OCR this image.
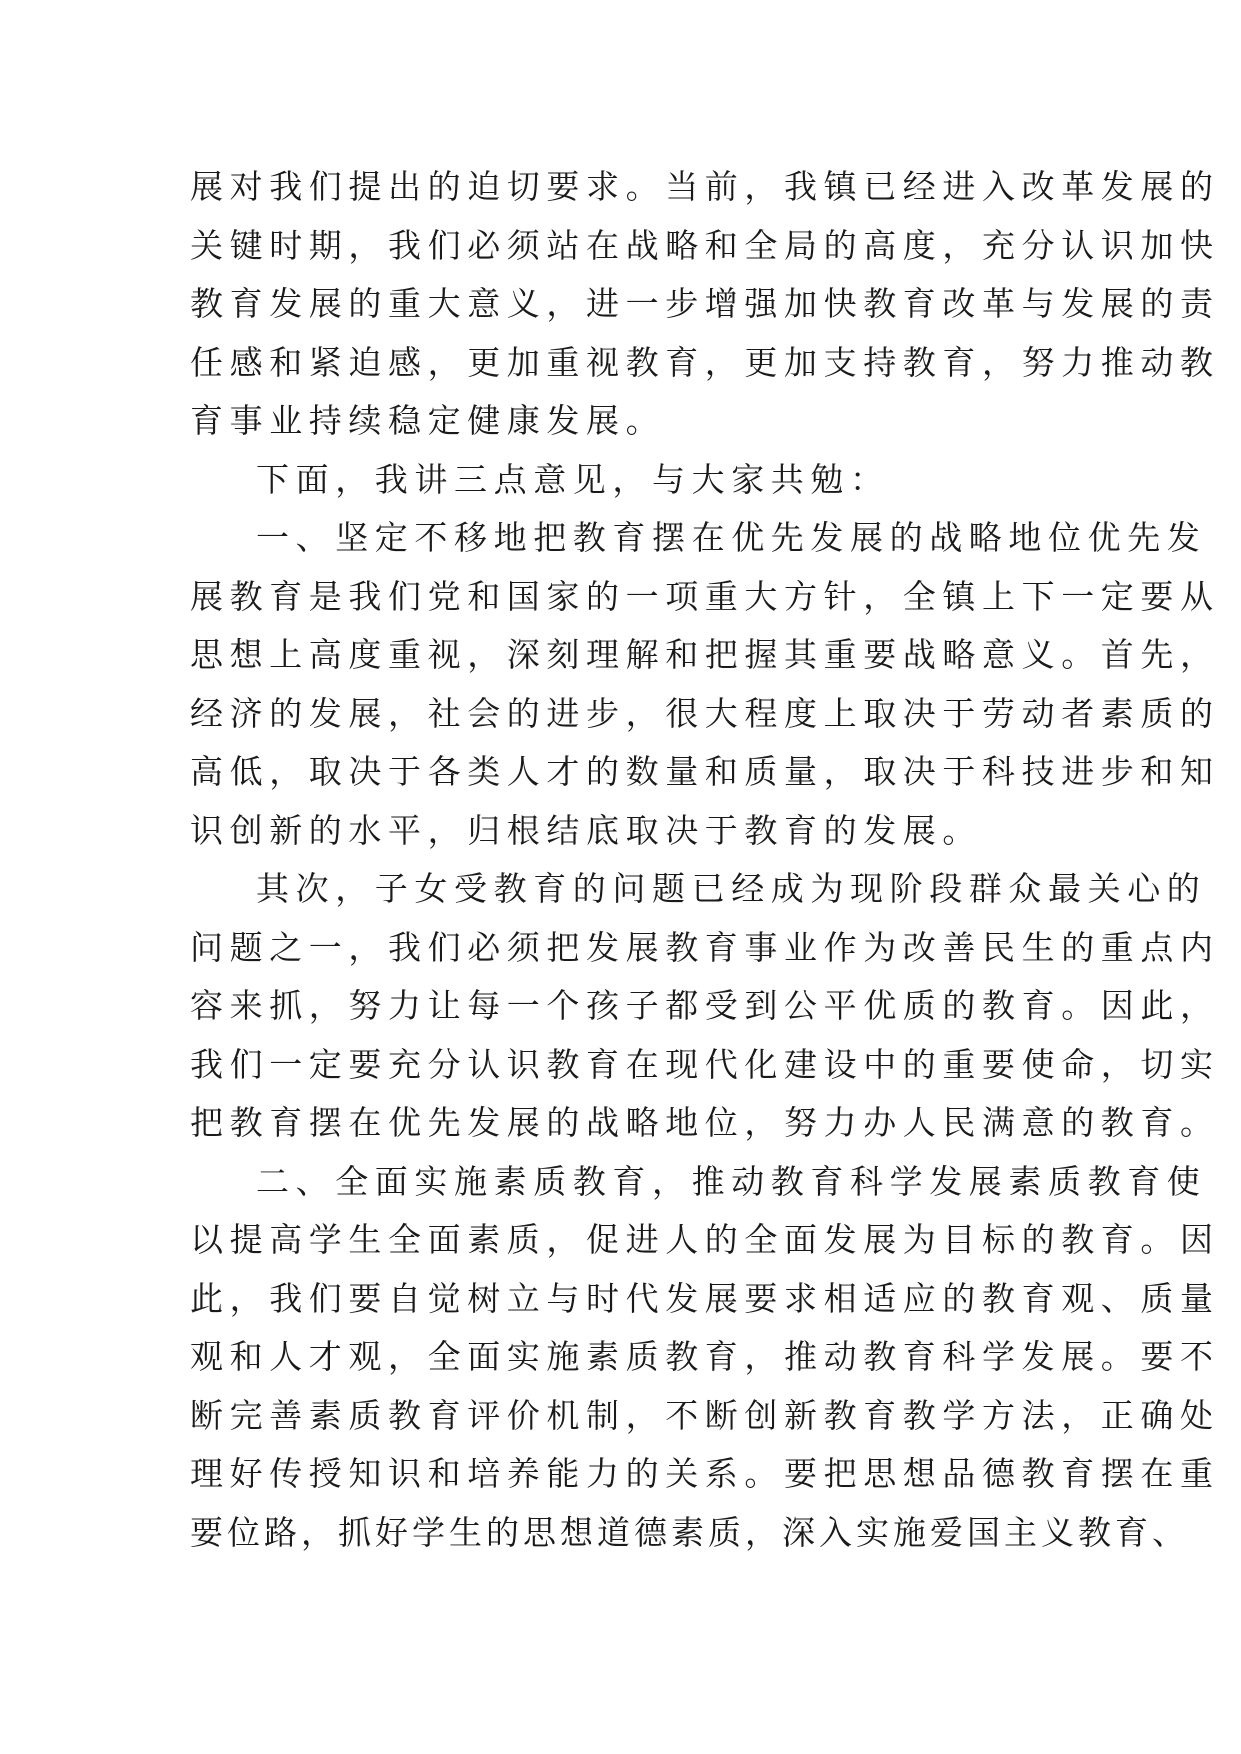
展对我们提出的迫切要求。当前，我镇已经进入改革发展的
关键时期，我们必须站在战略和全局的高度，充分认识加快
教育发展的重大意义，进一步增强加快教育改革与发展的责
任感和紧迫感，更加重视教育，更加支持教育，努力推动教
育事业持续稳定健康发展。
下面，我讲三点意见，与大家共勉：
一、坚定不移地把教育摆在优先发展的战略地位优先发
展教育是我们党和国家的一项重大方针，全镇上下一定要从
思想上高度重视，深刻理解和把握其重要战略意义。首先，
经济的发展，社会的进步，很大程度上取决于劳动者素质的
高低，取决于各类人才的数量和质量，取决于科技进步和知
识创新的水平，归根结底取决于教育的发展。
其次，子女受教育的问题已经成为现阶段群众最关心的
问题之一，我们必须把发展教育事业作为改善民生的重点内
容来抓，努力让每一个孩子都受到公平优质的教育。因此，
我们一定要充分认识教育在现代化建设中的重要使命，切实
把教育摆在优先发展的战略地位，努力办人民满意的教育。
二、全面实施素质教育，推动教育科学发展素质教育使
以提高学生全面素质，促进人的全面发展为目标的教育。因
此，我们要自觉树立与时代发展要求相适应的教育观、质量
观和人才观，全面实施素质教育，推动教育科学发展。要不
断完善素质教育评价机制，不断创新教育教学方法，正确处
理好传授知识和培养能力的关系。要把思想品德教育摆在重
要位路，抓好学生的思想道德素质，深入实施爱国主义教育、
